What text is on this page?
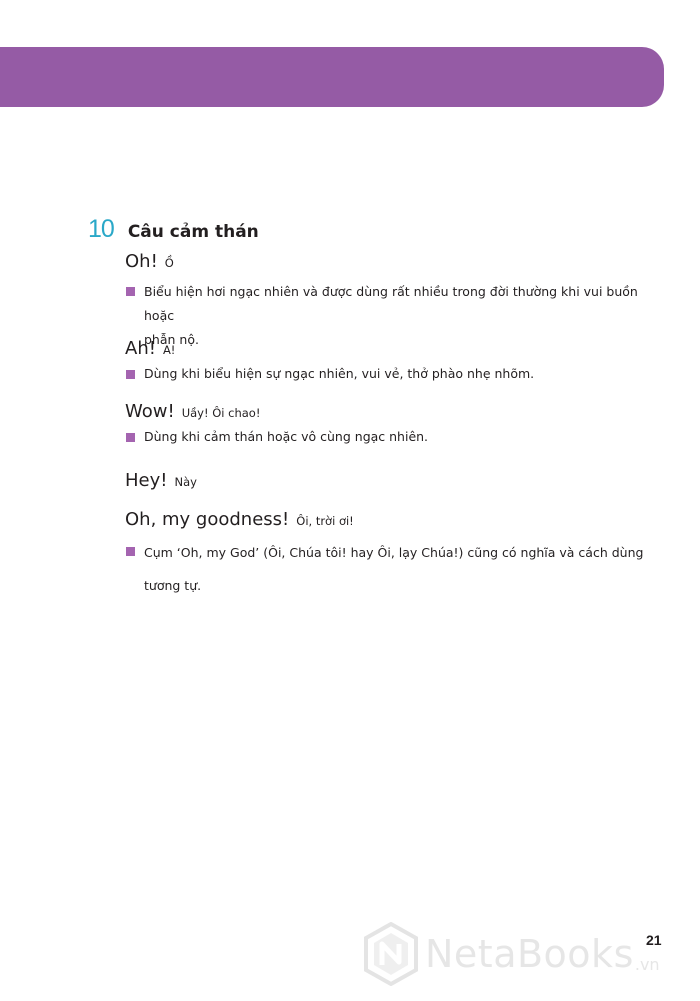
10 Câu cảm thán
Oh! Ồ
Biểu hiện hơi ngạc nhiên và được dùng rất nhiều trong đời thường khi vui buồn hoặc
phẫn nộ.
Ah! A!
Dùng khi biểu hiện sự ngạc nhiên, vui vẻ, thở phào nhẹ nhõm.
Wow! Uầy! Ôi chao!
Dùng khi cảm thán hoặc vô cùng ngạc nhiên.
Hey! Này
Oh, my goodness! Ôi, trời ơi!
Cụm ‘Oh, my God’ (Ôi, Chúa tôi! hay Ôi, lạy Chúa!) cũng có nghĩa và cách dùng
tương tự.
21
NetaBooks .vn
